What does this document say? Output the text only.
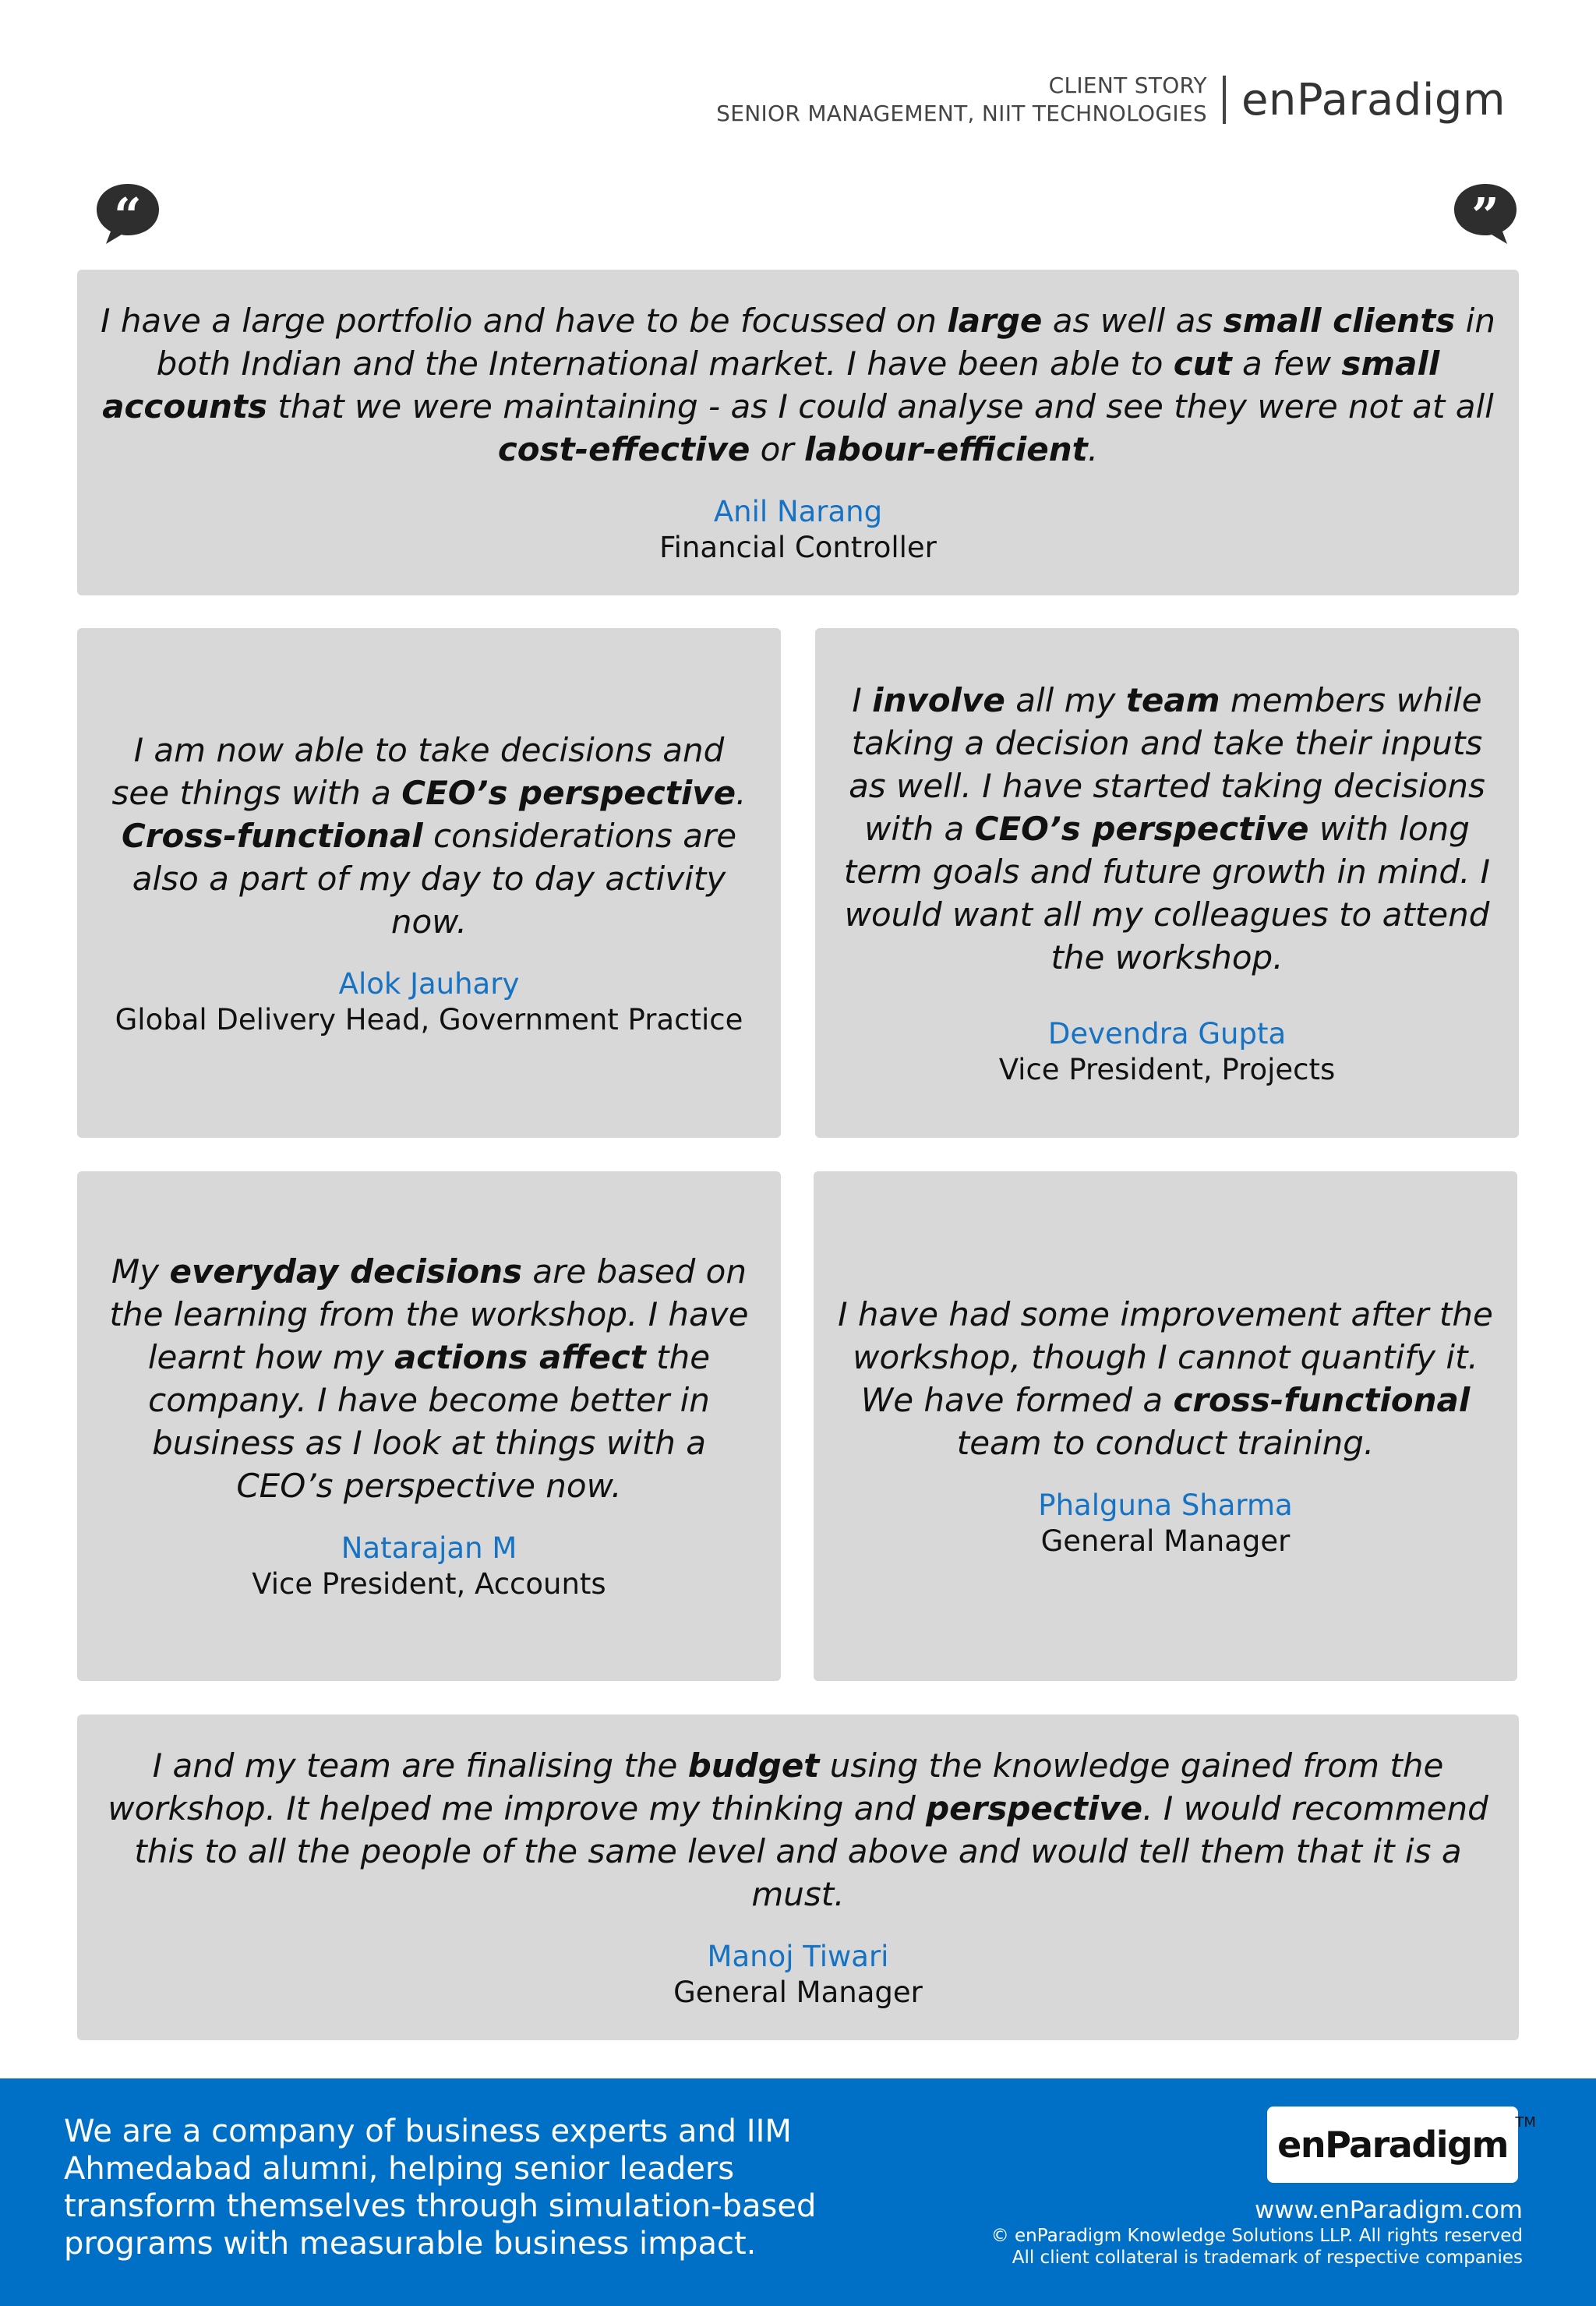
CLIENT STORY
SENIOR MANAGEMENT, NIIT TECHNOLOGIES enParadigm
“	”

I have a large portfolio and have to be focussed on large as well as small clients in both Indian and the International market. I have been able to cut a few small accounts that we were maintaining - as I could analyse and see they were not at all cost-effective or labour-efficient.

Anil Narang
Financial Controller

I am now able to take decisions and see things with a CEO’s perspective. Cross-functional considerations are also a part of my day to day activity now.

Alok Jauhary
Global Delivery Head, Government Practice

I involve all my team members while taking a decision and take their inputs as well. I have started taking decisions with a CEO’s perspective with long term goals and future growth in mind. I would want all my colleagues to attend the workshop.

Devendra Gupta
Vice President, Projects

My everyday decisions are based on the learning from the workshop. I have learnt how my actions affect the company. I have become better in business as I look at things with a CEO’s perspective now.

Natarajan M
Vice President, Accounts

I have had some improvement after the workshop, though I cannot quantify it. We have formed a cross-functional team to conduct training.

Phalguna Sharma
General Manager

I and my team are finalising the budget using the knowledge gained from the workshop. It helped me improve my thinking and perspective. I would recommend this to all the people of the same level and above and would tell them that it is a must.

Manoj Tiwari
General Manager
We are a company of business experts and IIM Ahmedabad alumni, helping senior leaders transform themselves through simulation-based programs with measurable business impact.
enParadigm
TM
www.enParadigm.com
© enParadigm Knowledge Solutions LLP. All rights reserved
All client collateral is trademark of respective companies
